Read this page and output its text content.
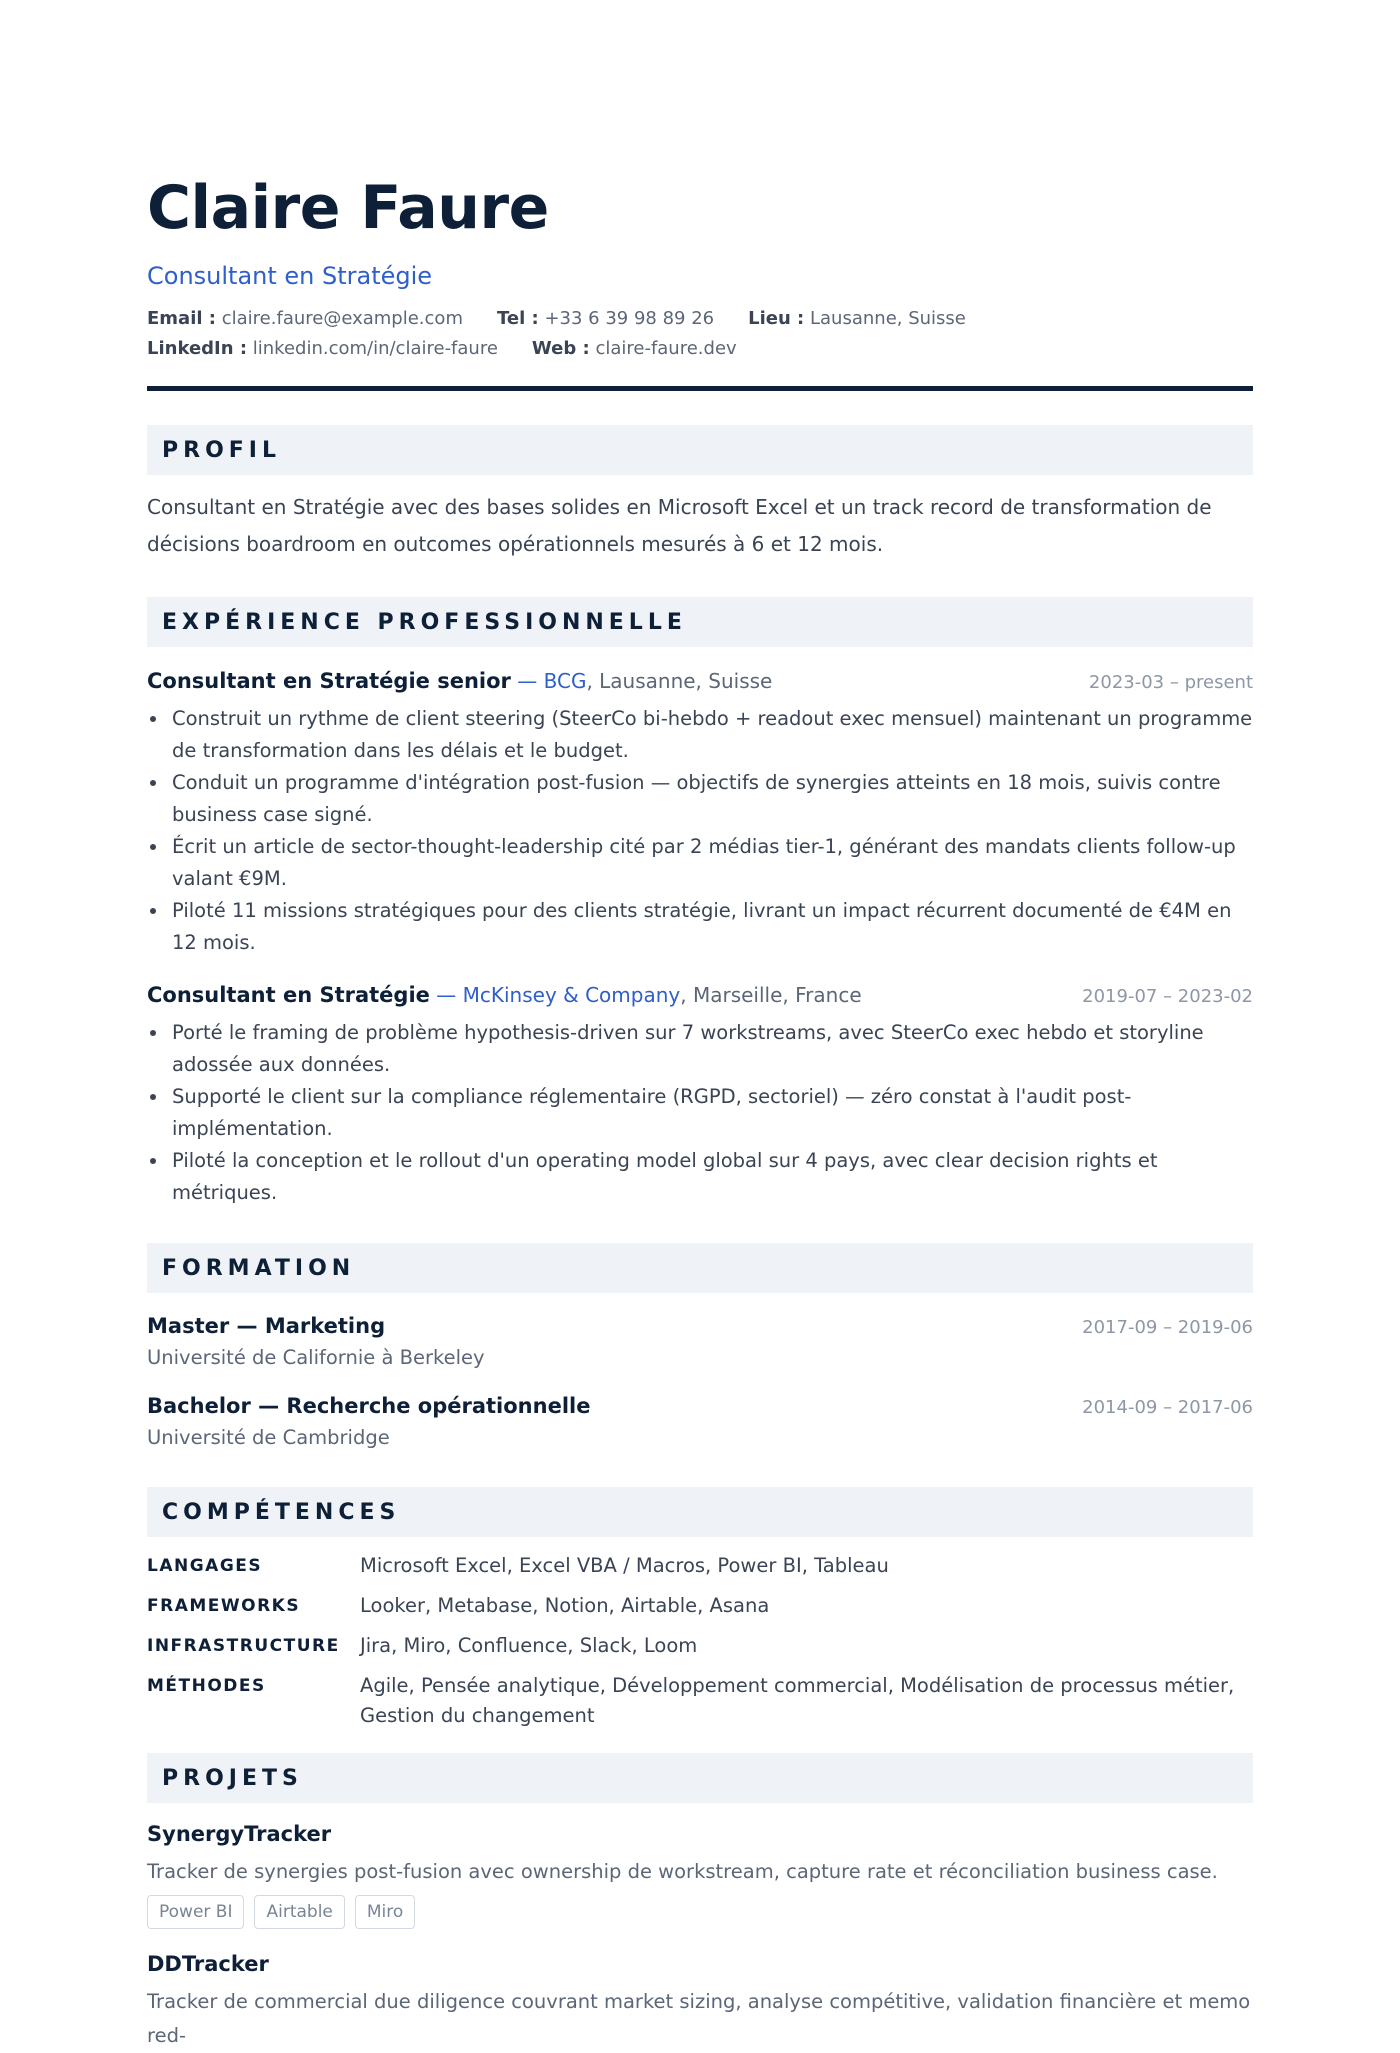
Claire Faure
Consultant en Stratégie
Email : claire.faure@example.com Tel : +33 6 39 98 89 26 Lieu : Lausanne, Suisse
LinkedIn : linkedin.com/in/claire-faure Web : claire-faure.dev
PROFIL

Consultant en Stratégie avec des bases solides en Microsoft Excel et un track record de transformation de décisions boardroom en outcomes opérationnels mesurés à 6 et 12 mois.

EXPÉRIENCE PROFESSIONNELLE
Consultant en Stratégie senior — BCG, Lausanne, Suisse	2023-03 – present
Construit un rythme de client steering (SteerCo bi-hebdo + readout exec mensuel) maintenant un programme de transformation dans les délais et le budget.
Conduit un programme d'intégration post-fusion — objectifs de synergies atteints en 18 mois, suivis contre business case signé.
Écrit un article de sector-thought-leadership cité par 2 médias tier-1, générant des mandats clients follow-up valant €9M.
Piloté 11 missions stratégiques pour des clients stratégie, livrant un impact récurrent documenté de €4M en 12 mois.
Consultant en Stratégie — McKinsey & Company, Marseille, France	2019-07 – 2023-02
Porté le framing de problème hypothesis-driven sur 7 workstreams, avec SteerCo exec hebdo et storyline adossée aux données.
Supporté le client sur la compliance réglementaire (RGPD, sectoriel) — zéro constat à l'audit post-implémentation.
Piloté la conception et le rollout d'un operating model global sur 4 pays, avec clear decision rights et métriques.
FORMATION
Master — Marketing	2017-09 – 2019-06
Université de Californie à Berkeley
Bachelor — Recherche opérationnelle	2014-09 – 2017-06
Université de Cambridge
COMPÉTENCES
LANGAGES	Microsoft Excel, Excel VBA / Macros, Power BI, Tableau
FRAMEWORKS	Looker, Metabase, Notion, Airtable, Asana
INFRASTRUCTURE	Jira, Miro, Confluence, Slack, Loom
MÉTHODES	Agile, Pensée analytique, Développement commercial, Modélisation de processus métier, Gestion du changement
PROJETS
SynergyTracker
Tracker de synergies post-fusion avec ownership de workstream, capture rate et réconciliation business case.
Power BI	Airtable	Miro
DDTracker
Tracker de commercial due diligence couvrant market sizing, analyse compétitive, validation financière et memo red-
